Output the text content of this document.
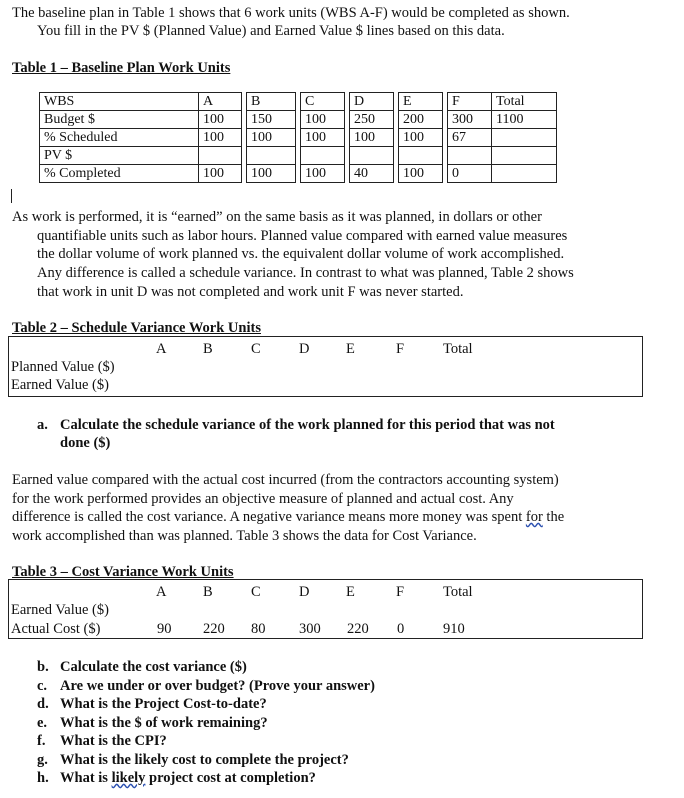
The baseline plan in Table 1 shows that 6 work units (WBS A-F) would be completed as shown.
You fill in the PV $ (Planned Value) and Earned Value $ lines based on this data.
Table 1 – Baseline Plan Work Units
WBS	A		B		C		D		E		F	Total
Budget $	100		150		100		250		200		300	1100
% Scheduled	100		100		100		100		100		67	
PV $												
% Completed	100		100		100		40		100		0	
As work is performed, it is “earned” on the same basis as it was planned, in dollars or other
quantifiable units such as labor hours. Planned value compared with earned value measures
the dollar volume of work planned vs. the equivalent dollar volume of work accomplished.
Any difference is called a schedule variance. In contrast to what was planned, Table 2 shows
that work in unit D was not completed and work unit F was never started.
Table 2 – Schedule Variance Work Units
A	B	C	D	E	F	Total
Planned Value ($)
Earned Value ($)
a. Calculate the schedule variance of the work planned for this period that was not
done ($)
Earned value compared with the actual cost incurred (from the contractors accounting system)
for the work performed provides an objective measure of planned and actual cost. Any
difference is called the cost variance. A negative variance means more money was spent for the
work accomplished than was planned. Table 3 shows the data for Cost Variance.
Table 3 – Cost Variance Work Units
A	B	C	D	E	F	Total
Earned Value ($)
Actual Cost ($)	90 220 80 300 220 0	910
b. Calculate the cost variance ($)
c. Are we under or over budget? (Prove your answer)
d. What is the Project Cost-to-date?
e. What is the $ of work remaining?
f. What is the CPI?
g. What is the likely cost to complete the project?
h. What is likely project cost at completion?
